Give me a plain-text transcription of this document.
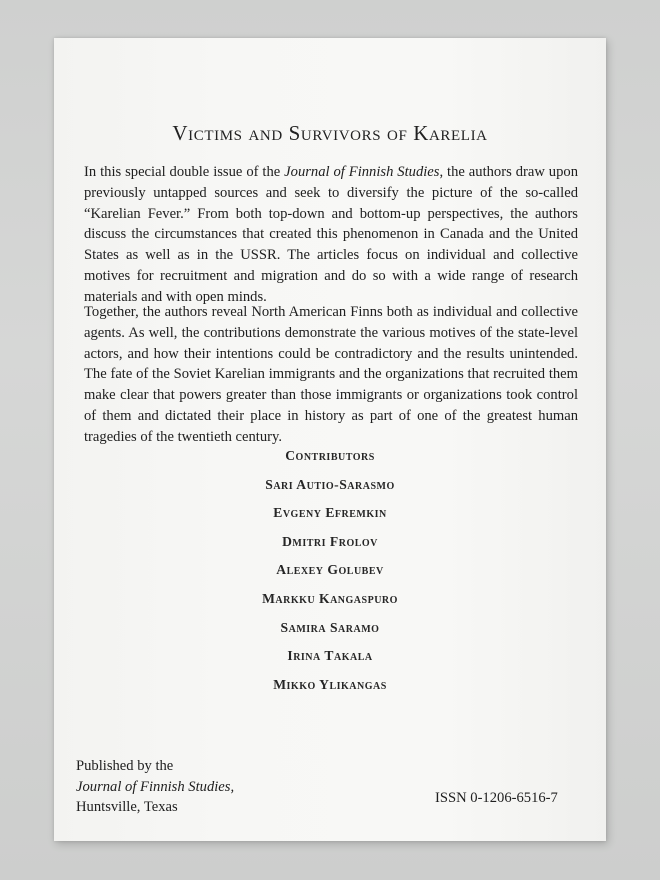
Victims and Survivors of Karelia

In this special double issue of the Journal of Finnish Studies, the authors draw upon previously untapped sources and seek to diversify the picture of the so-called “Karelian Fever.” From both top-down and bottom-up perspectives, the authors discuss the circumstances that created this phenomenon in Canada and the United States as well as in the USSR. The articles focus on individual and collective motives for recruitment and migration and do so with a wide range of research materials and with open minds.

Together, the authors reveal North American Finns both as individual and collective agents. As well, the contributions demonstrate the various motives of the state-level actors, and how their intentions could be contradictory and the results unintended. The fate of the Soviet Karelian immigrants and the organizations that recruited them make clear that powers greater than those immigrants or organizations took control of them and dictated their place in history as part of one of the greatest human tragedies of the twentieth century.

Contributors
Sari Autio-Sarasmo
Evgeny Efremkin
Dmitri Frolov
Alexey Golubev
Markku Kangaspuro
Samira Saramo
Irina Takala
Mikko Ylikangas
Published by the
Journal of Finnish Studies,
Huntsville, Texas
ISSN 0-1206-6516-7
